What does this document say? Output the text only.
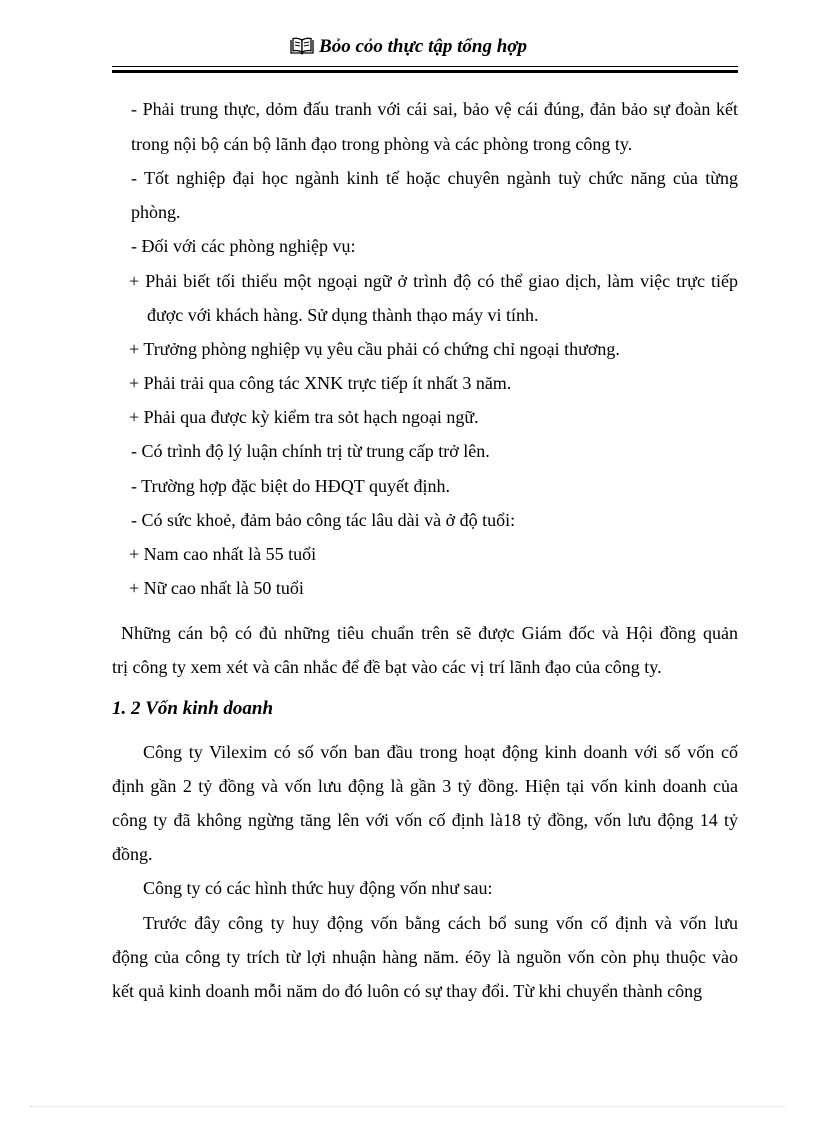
Bỏo cỏo thực tập tổng hợp

- Phải trung thực, dỏm đấu tranh với cái sai, bảo vệ cái đúng, đản bảo sự đoàn kết

trong nội bộ cán bộ lãnh đạo trong phòng và các phòng trong công ty.

- Tốt nghiệp đại học ngành kinh tế hoặc chuyên ngành tuỳ chức năng của từng

phòng.

- Đối với các phòng nghiệp vụ:

+ Phải biết tối thiểu một ngoại ngữ ở trình độ có thể giao dịch, làm việc trực tiếp

được với khách hàng. Sử dụng thành thạo máy vi tính.

+ Trưởng phòng nghiệp vụ yêu cầu phải có chứng chỉ ngoại thương.

+ Phải trải qua công tác XNK trực tiếp ít nhất 3 năm.

+ Phải qua được kỳ kiểm tra sỏt hạch ngoại ngữ.

- Có trình độ lý luận chính trị từ trung cấp trở lên.

- Trường hợp đặc biệt do HĐQT quyết định.

- Có sức khoẻ, đảm bảo công tác lâu dài và ở độ tuổi:

+ Nam cao nhất là 55 tuổi

+ Nữ cao nhất là 50 tuổi

Những cán bộ có đủ những tiêu chuẩn trên sẽ được Giám đốc và Hội đồng quản

trị công ty xem xét và cân nhắc để đề bạt vào các vị trí lãnh đạo của công ty.

1. 2 Vốn kinh doanh

Công ty Vilexim có số vốn ban đầu trong hoạt động kinh doanh với số vốn cố

định gần 2 tỷ đồng và vốn lưu động là gần 3 tỷ đồng. Hiện tại vốn kinh doanh của

công ty đã không ngừng tăng lên với vốn cố định là18 tỷ đồng, vốn lưu động 14 tỷ

đồng.

Công ty có các hình thức huy động vốn như sau:

Trước đây công ty huy động vốn bằng cách bổ sung vốn cố định và vốn lưu

động của công ty trích từ lợi nhuận hàng năm. éõy là nguồn vốn còn phụ thuộc vào

kết quả kinh doanh mỗi năm do đó luôn có sự thay đổi. Từ khi chuyển thành công
